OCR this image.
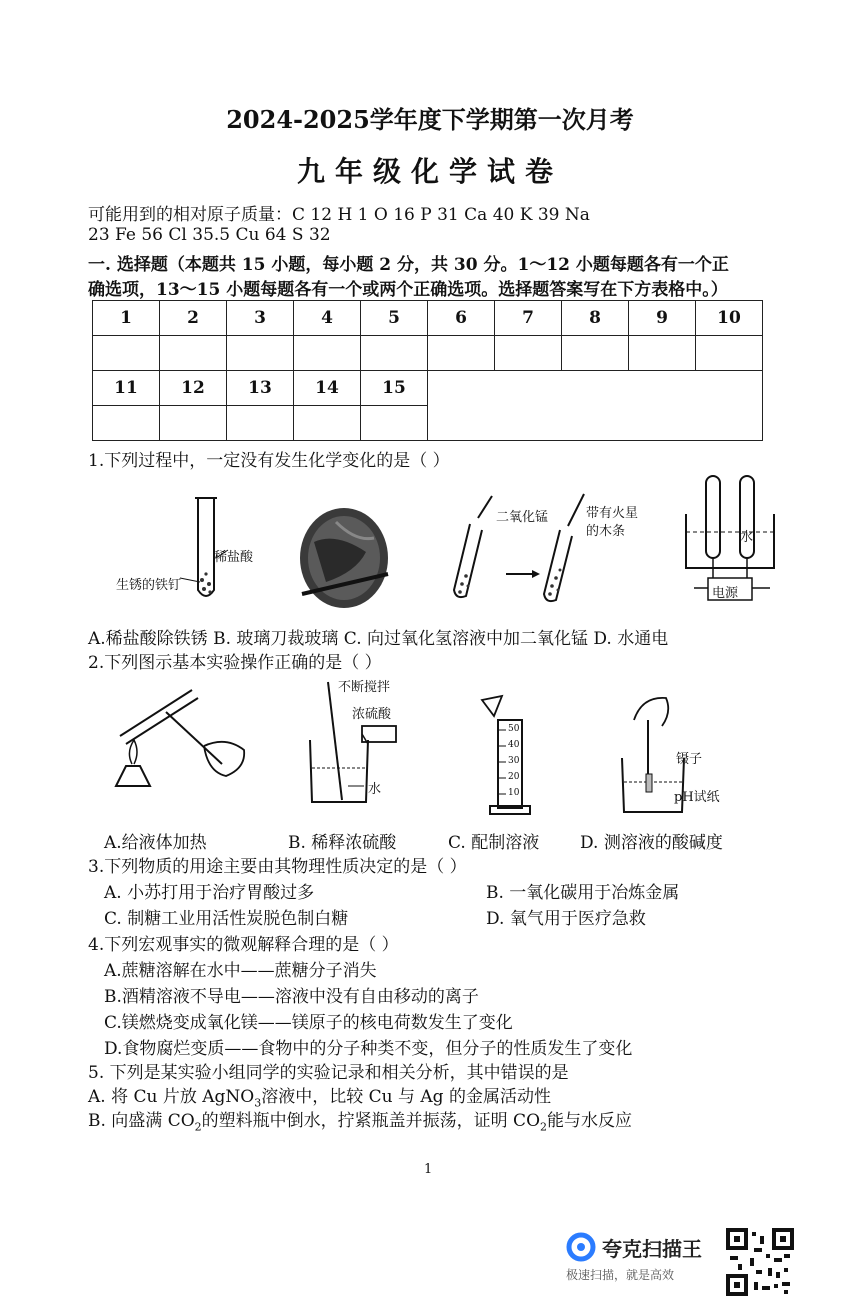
2024-2025学年度下学期第一次月考
九年级化学试卷
可能用到的相对原子质量：C 12 H 1 O 16 P 31 Ca 40 K 39 Na
23 Fe 56 Cl 35.5 Cu 64 S 32
一. 选择题（本题共 15 小题，每小题 2 分，共 30 分。1～12 小题每题各有一个正
确选项，13～15 小题每题各有一个或两个正确选项。选择题答案写在下方表格中。）
1	2	3	4	5	6	7	8	9	10

11	12	13	14	15					

1.下列过程中，一定没有发生化学变化的是（ ）
生锈的铁钉
稀盐酸
二氧化锰	带有火星
的木条	水
电源
A.稀盐酸除铁锈 B. 玻璃刀裁玻璃 C. 向过氧化氢溶液中加二氧化锰 D. 水通电
2.下列图示基本实验操作正确的是（ ）
不断搅拌
浓硫酸
水
50
40
30
20
10
镊子
pH试纸
A.给液体加热	B. 稀释浓硫酸	C. 配制溶液 D. 测溶液的酸碱度
3.下列物质的用途主要由其物理性质决定的是（ ）
A. 小苏打用于治疗胃酸过多	B. 一氧化碳用于冶炼金属
C. 制糖工业用活性炭脱色制白糖	D. 氧气用于医疗急救
4.下列宏观事实的微观解释合理的是（ ）
A.蔗糖溶解在水中——蔗糖分子消失
B.酒精溶液不导电——溶液中没有自由移动的离子
C.镁燃烧变成氧化镁——镁原子的核电荷数发生了变化
D.食物腐烂变质——食物中的分子种类不变，但分子的性质发生了变化
5. 下列是某实验小组同学的实验记录和相关分析，其中错误的是
A. 将 Cu 片放 AgNO$_3$溶液中，比较 Cu 与 Ag 的金属活动性
B. 向盛满 $CO_2$的塑料瓶中倒水，拧紧瓶盖并振荡，证明 $CO_2$能与水反应
1
夸克扫描王
极速扫描，就是高效
